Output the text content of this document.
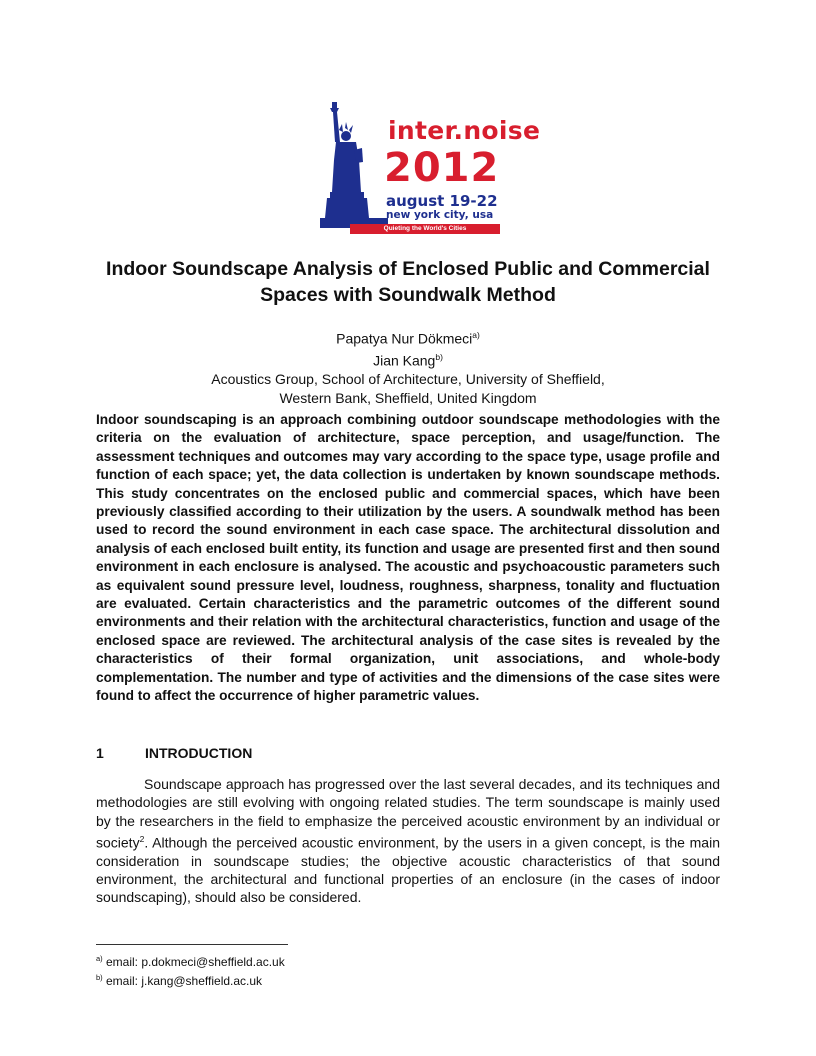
inter.noise
2012
august 19-22
new york city, usa
Quieting the World's Cities
Indoor Soundscape Analysis of Enclosed Public and Commercial Spaces with Soundwalk Method
Papatya Nur Dökmeci$^{a)}$
Jian Kang$^{b)}$
Acoustics Group, School of Architecture, University of Sheffield,
Western Bank, Sheffield, United Kingdom

Indoor soundscaping is an approach combining outdoor soundscape methodologies with the criteria on the evaluation of architecture, space perception, and usage/function. The assessment techniques and outcomes may vary according to the space type, usage profile and function of each space; yet, the data collection is undertaken by known soundscape methods. This study concentrates on the enclosed public and commercial spaces, which have been previously classified according to their utilization by the users. A soundwalk method has been used to record the sound environment in each case space. The architectural dissolution and analysis of each enclosed built entity, its function and usage are presented first and then sound environment in each enclosure is analysed. The acoustic and psychoacoustic parameters such as equivalent sound pressure level, loudness, roughness, sharpness, tonality and fluctuation are evaluated. Certain characteristics and the parametric outcomes of the different sound environments and their relation with the architectural characteristics, function and usage of the enclosed space are reviewed. The architectural analysis of the case sites is revealed by the characteristics of their formal organization, unit associations, and whole-body complementation. The number and type of activities and the dimensions of the case sites were found to affect the occurrence of higher parametric values.

1	INTRODUCTION

Soundscape approach has progressed over the last several decades, and its techniques and methodologies are still evolving with ongoing related studies. The term soundscape is mainly used by the researchers in the field to emphasize the perceived acoustic environment by an individual or society$^2$. Although the perceived acoustic environment, by the users in a given concept, is the main consideration in soundscape studies; the objective acoustic characteristics of that sound environment, the architectural and functional properties of an enclosure (in the cases of indoor soundscaping), should also be considered.

$^{a)}$ email: p.dokmeci@sheffield.ac.uk
$^{b)}$ email: j.kang@sheffield.ac.uk
